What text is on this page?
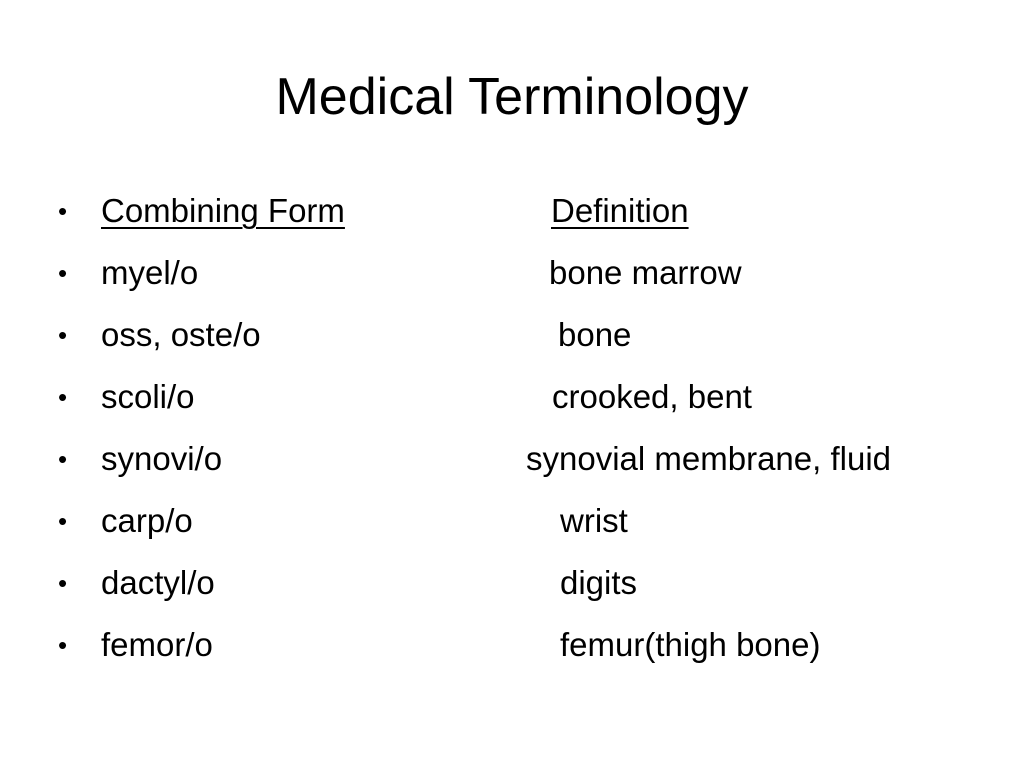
Medical Terminology
• Combining Form	Definition
• myel/o	bone marrow
• oss, oste/o	bone
• scoli/o	crooked, bent
• synovi/o	synovial membrane, fluid
• carp/o	wrist
• dactyl/o	digits
• femor/o	femur(thigh bone)
